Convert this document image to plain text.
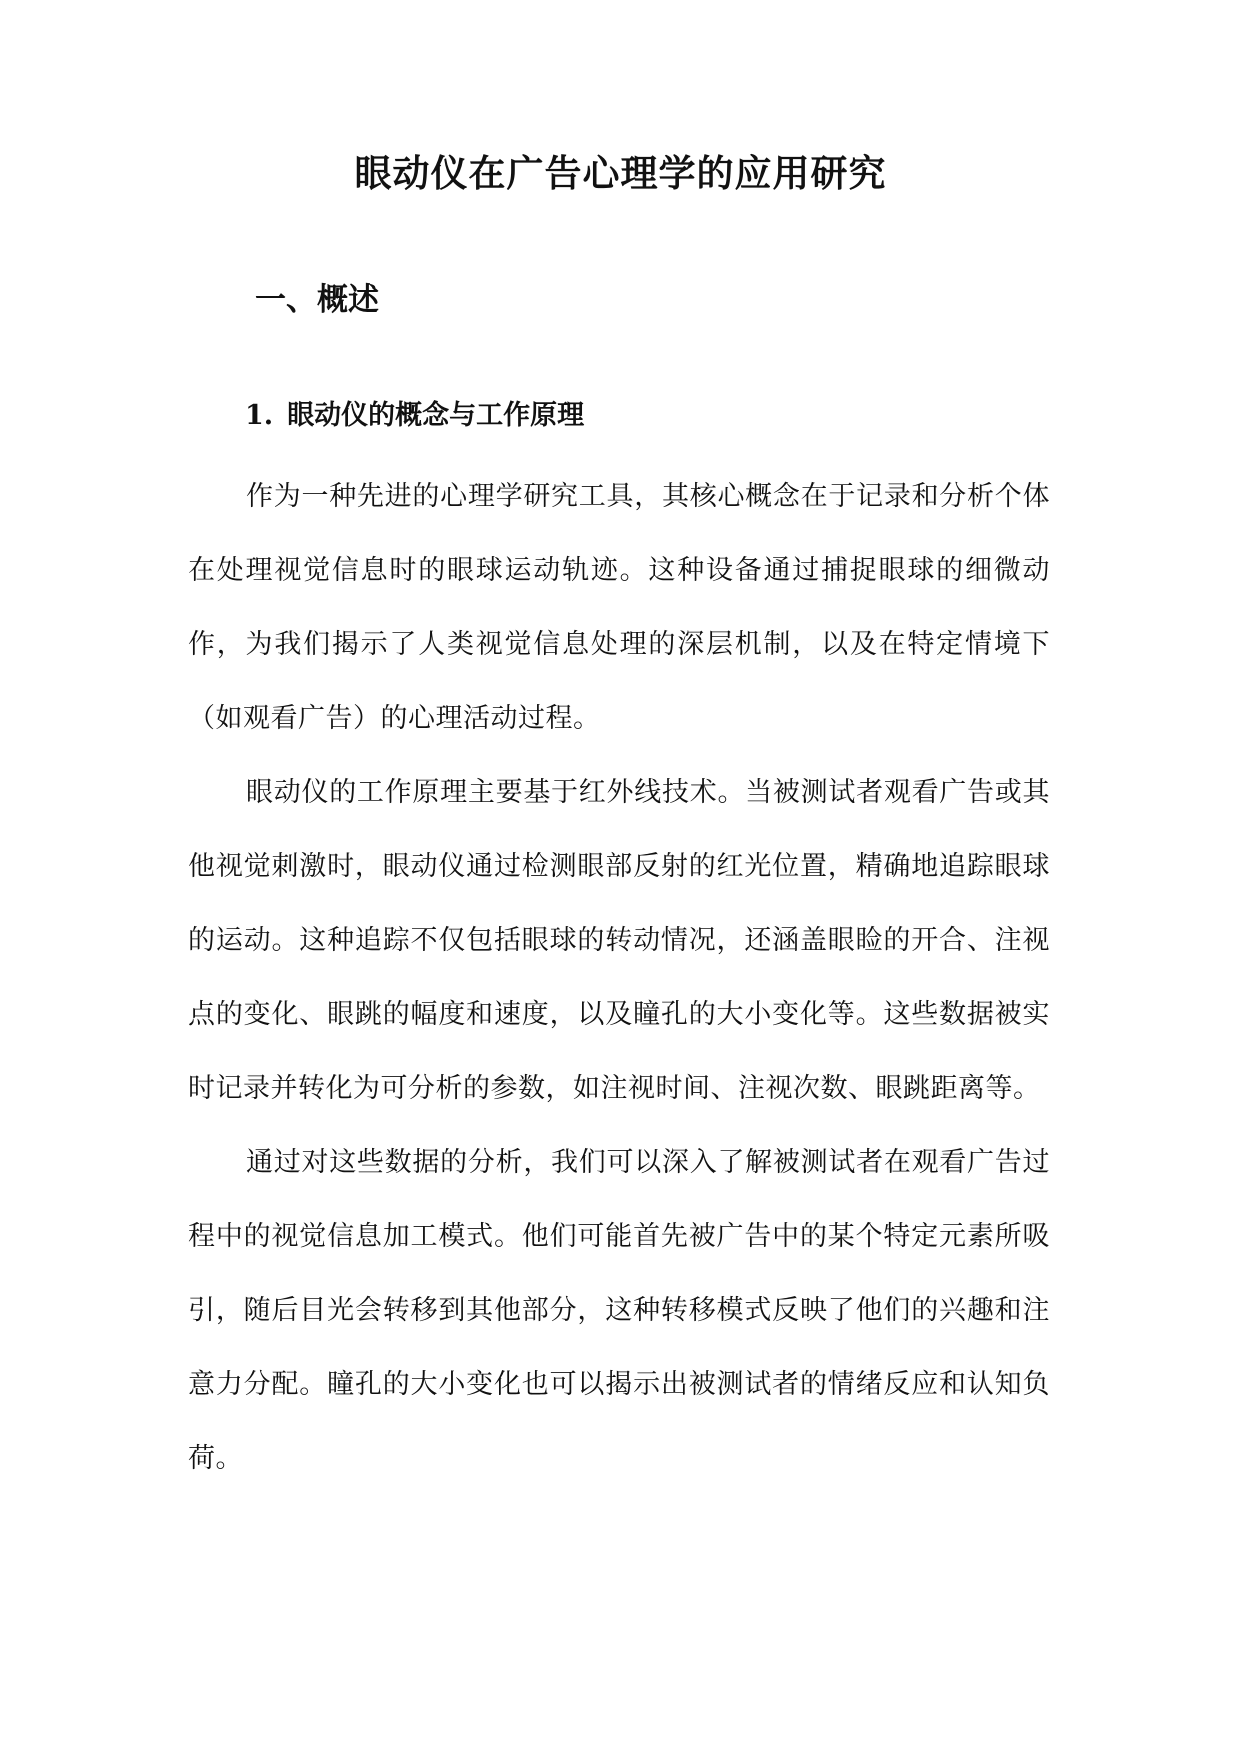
眼动仪在广告心理学的应用研究
一、概述
1. 眼动仪的概念与工作原理

作为一种先进的心理学研究工具，其核心概念在于记录和分析个体在处理视觉信息时的眼球运动轨迹。这种设备通过捕捉眼球的细微动作，为我们揭示了人类视觉信息处理的深层机制，以及在特定情境下（如观看广告）的心理活动过程。

眼动仪的工作原理主要基于红外线技术。当被测试者观看广告或其他视觉刺激时，眼动仪通过检测眼部反射的红光位置，精确地追踪眼球的运动。这种追踪不仅包括眼球的转动情况，还涵盖眼睑的开合、注视点的变化、眼跳的幅度和速度，以及瞳孔的大小变化等。这些数据被实时记录并转化为可分析的参数，如注视时间、注视次数、眼跳距离等。

通过对这些数据的分析，我们可以深入了解被测试者在观看广告过程中的视觉信息加工模式。他们可能首先被广告中的某个特定元素所吸引，随后目光会转移到其他部分，这种转移模式反映了他们的兴趣和注意力分配。瞳孔的大小变化也可以揭示出被测试者的情绪反应和认知负荷。
